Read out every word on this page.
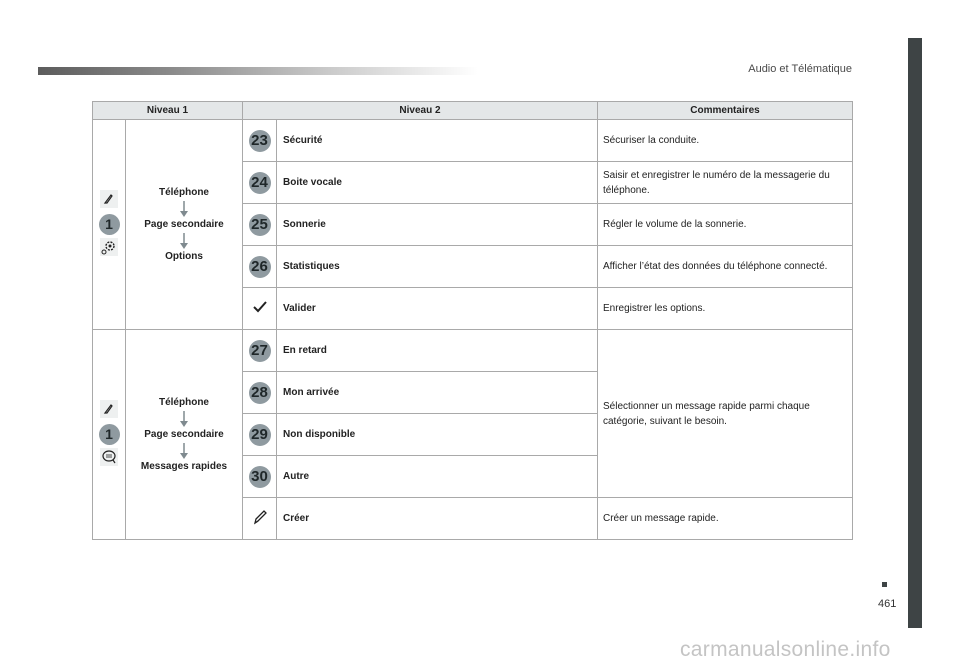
Audio et Télématique
461
carmanualsonline.info
Niveau 1		Niveau 2		Commentaires

1	Téléphone
Page secondaire
Options	23	Sécurité	Sécuriser la conduite.
		24	Boite vocale	Saisir et enregistrer le numéro de la messagerie du téléphone.
		25	Sonnerie	Régler le volume de la sonnerie.
		26	Statistiques	Afficher l’état des données du téléphone connecté.
	Valider	Enregistrer les options.

1	Téléphone
Page secondaire
Messages rapides	27	En retard	Sélectionner un message rapide parmi chaque catégorie, suivant le besoin.
		28	Mon arrivée	
		29	Non disponible	
		30	Autre	
	Créer	Créer un message rapide.
